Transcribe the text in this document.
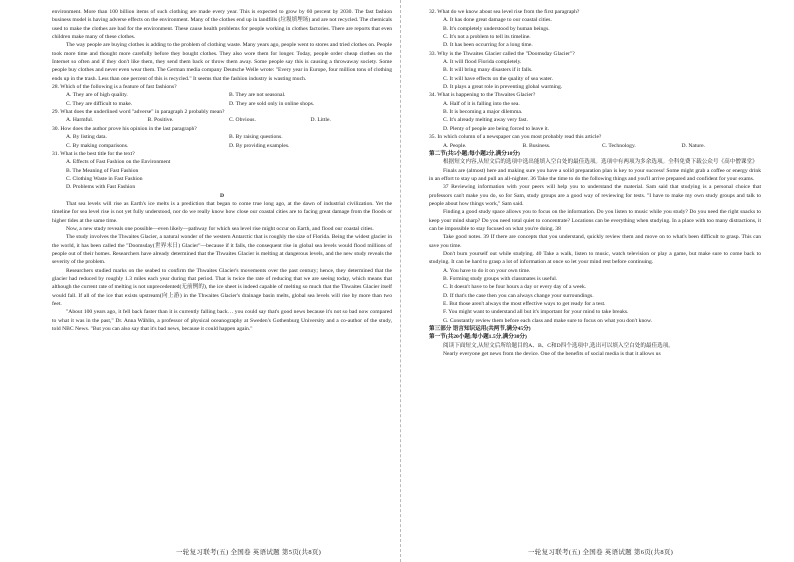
environment. More than 100 billion items of such clothing are made every year. This is expected to grow by 60 percent by 2030. The fast fashion business model is having adverse effects on the environment. Many of the clothes end up in landfills (垃圾填埋场) and are not recycled. The chemicals used to make the clothes are bad for the environment. These cause health problems for people working in clothes factories. There are reports that even children make many of these clothes.

The way people are buying clothes is adding to the problem of clothing waste. Many years ago, people went to stores and tried clothes on. People took more time and thought more carefully before they bought clothes. They also wore them for longer. Today, people order cheap clothes on the Internet so often and if they don't like them, they send them back or throw them away. Some people say this is causing a throwaway society. Some people buy clothes and never even wear them. The German media company Deutsche Welle wrote: "Every year in Europe, four million tons of clothing ends up in the trash. Less than one percent of this is recycled." It seems that the fashion industry is wasting much.

28. Which of the following is a feature of fast fashions?

A. They are of high quality.	B. They are not seasonal.
C. They are difficult to make.	D. They are sold only in online shops.

29. What does the underlined word "adverse" in paragraph 2 probably mean?

A. Harmful.	B. Positive.	C. Obvious.	D. Little.

30. How does the author prove his opinion in the last paragraph?

A. By listing data.	B. By raising questions.
C. By making comparisons.	D. By providing examples.

31. What is the best title for the text?

A. Effects of Fast Fashion on the Environment
B. The Meaning of Fast Fashion
C. Clothing Waste in Fast Fashion
D. Problems with Fast Fashion
D

That sea levels will rise as Earth's ice melts is a prediction that began to come true long ago, at the dawn of industrial civilization. Yet the timeline for sea level rise is not yet fully understood, nor do we really know how close our coastal cities are to facing great damage from the floods or higher tides at the same time.

Now, a new study reveals one possible—even likely—pathway for which sea level rise might occur on Earth, and flood our coastal cities.

The study involves the Thwaites Glacier, a natural wonder of the western Antarctic that is roughly the size of Florida. Being the widest glacier in the world, it has been called the "Doomsday(世界末日) Glacier"—because if it falls, the consequent rise in global sea levels would flood millions of people out of their homes. Researchers have already determined that the Thwaites Glacier is melting at dangerous levels, and the new study reveals the severity of the problem.

Researchers studied marks on the seabed to confirm the Thwaites Glacier's movements over the past century; hence, they determined that the glacier had reduced by roughly 1.3 miles each year during that period. That is twice the rate of reducing that we are seeing today, which means that although the current rate of melting is not unprecedented(无前例的), the ice sheet is indeed capable of melting so much that the Thwaites Glacier itself would fall. If all of the ice that exists upstream(向上游) in the Thwaites Glacier's drainage basin melts, global sea levels will rise by more than two feet.

"About 100 years ago, it fell back faster than it is currently falling back… you could say that's good news because it's not so bad now compared to what it was in the past," Dr. Anna Wåhlin, a professor of physical oceanography at Sweden's Gothenburg University and a co-author of the study, told NBC News. "But you can also say that it's bad news, because it could happen again."

32. What do we know about sea level rise from the first paragraph?

A. It has done great damage to our coastal cities.
B. It's completely understood by human beings.
C. It's not a problem to tell its timeline.
D. It has been occurring for a long time.

33. Why is the Thwaites Glacier called the "Doomsday Glacier"?

A. It will flood Florida completely.
B. It will bring many disasters if it falls.
C. It will have effects on the quality of sea water.
D. It plays a great role in preventing global warming.

34. What is happening to the Thwaites Glacier?

A. Half of it is falling into the sea.
B. It is becoming a major dilemma.
C. It's already melting away very fast.
D. Plenty of people are being forced to leave it.

35. In which column of a newspaper can you most probably read this article?

A. People.	B. Business.	C. Technology.	D. Nature.

第二节(共5小题;每小题2分,满分10分)

根据短文内容,从短文后的选项中选出能填入空白处的最佳选项。选项中有两项为多余选项。全科免费下载公众号《高中僧课堂》

Finals are (almost) here and making sure you have a solid preparation plan is key to your success! Some might grab a coffee or energy drink in an effort to stay up and pull an all-nighter. 36 Take the time to do the following things and you'll arrive prepared and confident for your exams.

37 Reviewing information with your peers will help you to understand the material. Sam said that studying is a personal choice that professors can't make you do, so for Sam, study groups are a good way of reviewing for tests. "I have to make my own study groups and talk to people about how things work," Sam said.

Finding a good study space allows you to focus on the information. Do you listen to music while you study? Do you need the right snacks to keep your mind sharp? Do you need total quiet to concentrate? Locations can be everything when studying. In a place with too many distractions, it can be impossible to stay focused on what you're doing. 38

Take good notes. 39 If there are concepts that you understand, quickly review them and move on to what's been difficult to grasp. This can save you time.

Don't burn yourself out while studying. 40 Take a walk, listen to music, watch television or play a game, but make sure to come back to studying. It can be hard to grasp a lot of information at once so let your mind rest before continuing.

A. You have to do it on your own time.
B. Forming study groups with classmates is useful.
C. It doesn't have to be four hours a day or every day of a week.
D. If that's the case then you can always change your surroundings.
E. But those aren't always the most effective ways to get ready for a test.
F. You might want to understand all but it's important for your mind to take breaks.
G. Constantly review them before each class and make sure to focus on what you don't know.

第三部分 语言知识运用(共两节,满分45分)

第一节(共20小题;每小题1.5分,满分30分)

阅读下面短文,从短文后所给题目的A、B、C和D四个选项中,选出可以填入空白处的最佳选项。

Nearly everyone get news from the device. One of the benefits of social media is that it allows us

一轮复习联考(五) 全国卷 英语试题 第5页(共8页)	一轮复习联考(五) 全国卷 英语试题 第6页(共8页)
